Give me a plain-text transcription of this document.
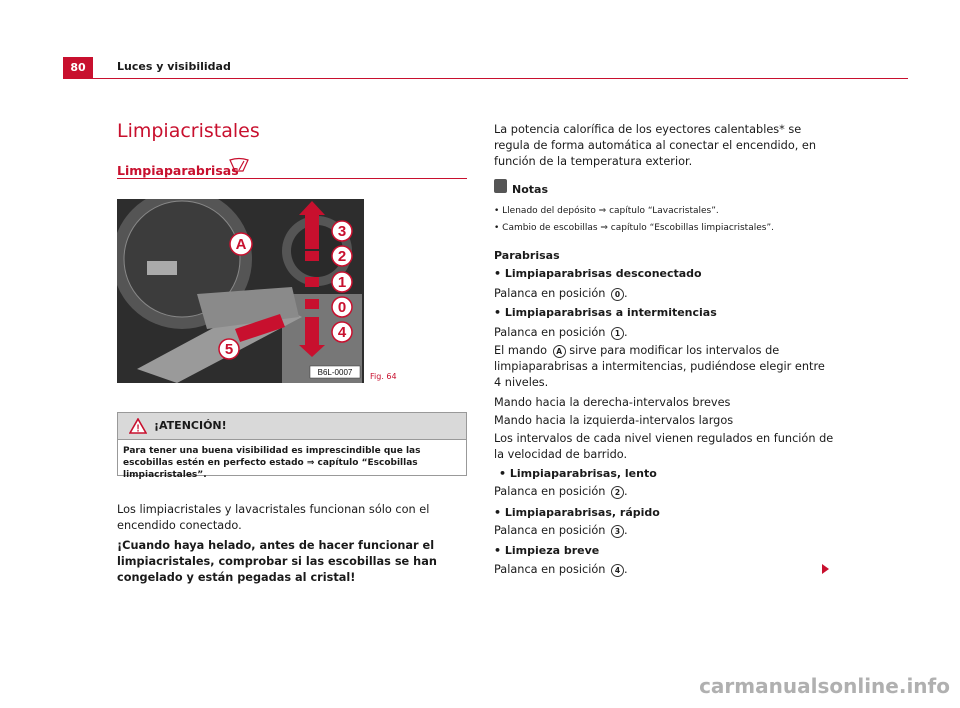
80	Luces y visibilidad
Limpiacristales
Limpiaparabrisas
A
3
2
1
0
4
5
B6L-0007 Fig. 64
! ¡ATENCIÓN!
Para tener una buena visibilidad es imprescindible que las escobillas estén en perfecto estado ⇒ capítulo “Escobillas limpiacristales”.
Los limpiacristales y lavacristales funcionan sólo con el encendido conectado.
¡Cuando haya helado, antes de hacer funcionar el limpiacristales, comprobar si las escobillas se han congelado y están pegadas al cristal!
La potencia calorífica de los eyectores calentables* se regula de forma automática al conectar el encendido, en función de la temperatura exterior.
Notas
• Llenado del depósito ⇒ capítulo “Lavacristales”.
• Cambio de escobillas ⇒ capítulo “Escobillas limpiacristales”.
Parabrisas
• Limpiaparabrisas desconectado
Palanca en posición 0 .
• Limpiaparabrisas a intermitencias
Palanca en posición 1 .
El mando A sirve para modificar los intervalos de limpiaparabrisas a intermitencias, pudiéndose elegir entre 4 niveles.
Mando hacia la derecha-intervalos breves
Mando hacia la izquierda-intervalos largos
Los intervalos de cada nivel vienen regulados en función de la velocidad de barrido.
• Limpiaparabrisas, lento
Palanca en posición 2 .
• Limpiaparabrisas, rápido
Palanca en posición 3 .
• Limpieza breve
Palanca en posición 4 .
carmanualsonline.info
